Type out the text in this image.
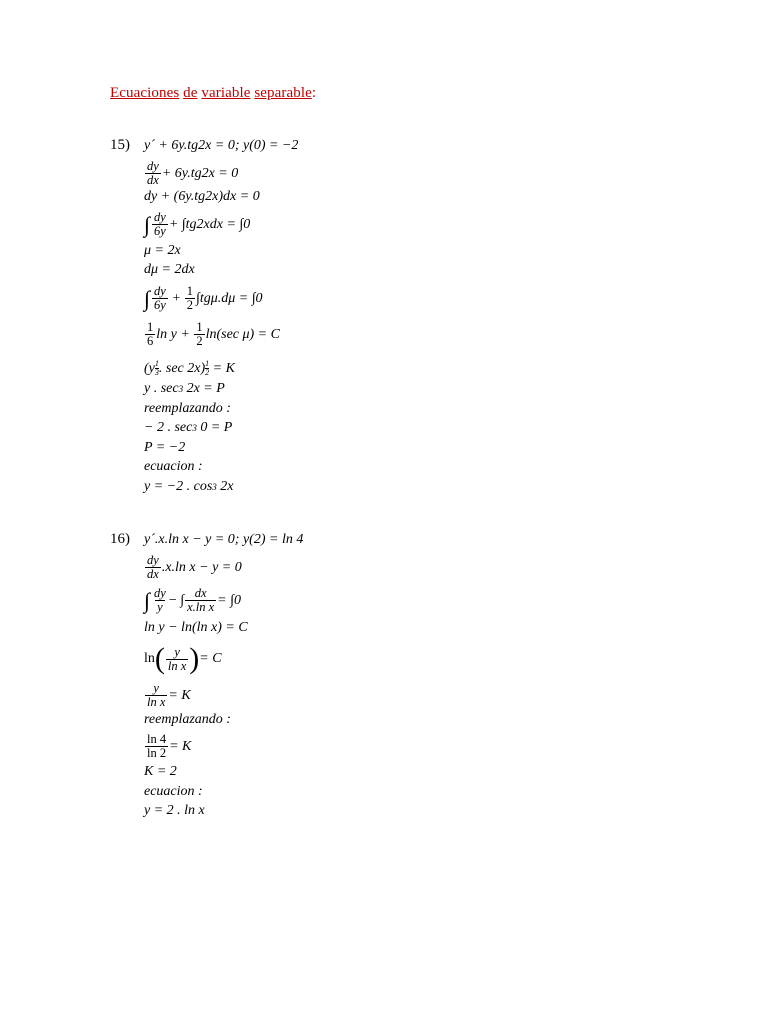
Ecuaciones de variable separable:
15) y´ + 6y.tg2x = 0; y(0) = −2
$\frac{dy}{dx} + 6y.tg2x = 0$
dy + (6y.tg2x)dx = 0
∫ $\frac{dy}{6y} + \int tg2xdx = \int 0$
μ = 2x
dμ = 2dx
∫ $\frac{dy}{6y} + \frac{1}{2} \int tg\mu.d\mu = \int 0$
$\frac{1}{6}$ ln y +
$\frac{1}{2} \ln(\sec$ μ) = C
($y \frac{1}{3}$ . $\sec 2x) \frac{1}{2}$
= K
y . sec 3
2x = P
reemplazando :
− 2 . sec 3
0 = P
P = −2
ecuacion :
y = −2 . cos 3
2x
16) y´.x.ln x − y = 0; y(2) = ln 4
$\frac{dy}{dx} .x.\ln$ x − y = 0
∫ $\frac{dy}{y}$ − ∫ $\frac{dx}{\text{x.ln x}} = \int 0$
ln y − ln(ln x) = C
ln ( $\frac{y}{\text{ln x}}$ ) = C
$\frac{y}{\text{ln x}} = K$
reemplazando :
$\frac{\ln 4}{\ln 2} = K$
K = 2
ecuacion :
y = 2 . ln x
